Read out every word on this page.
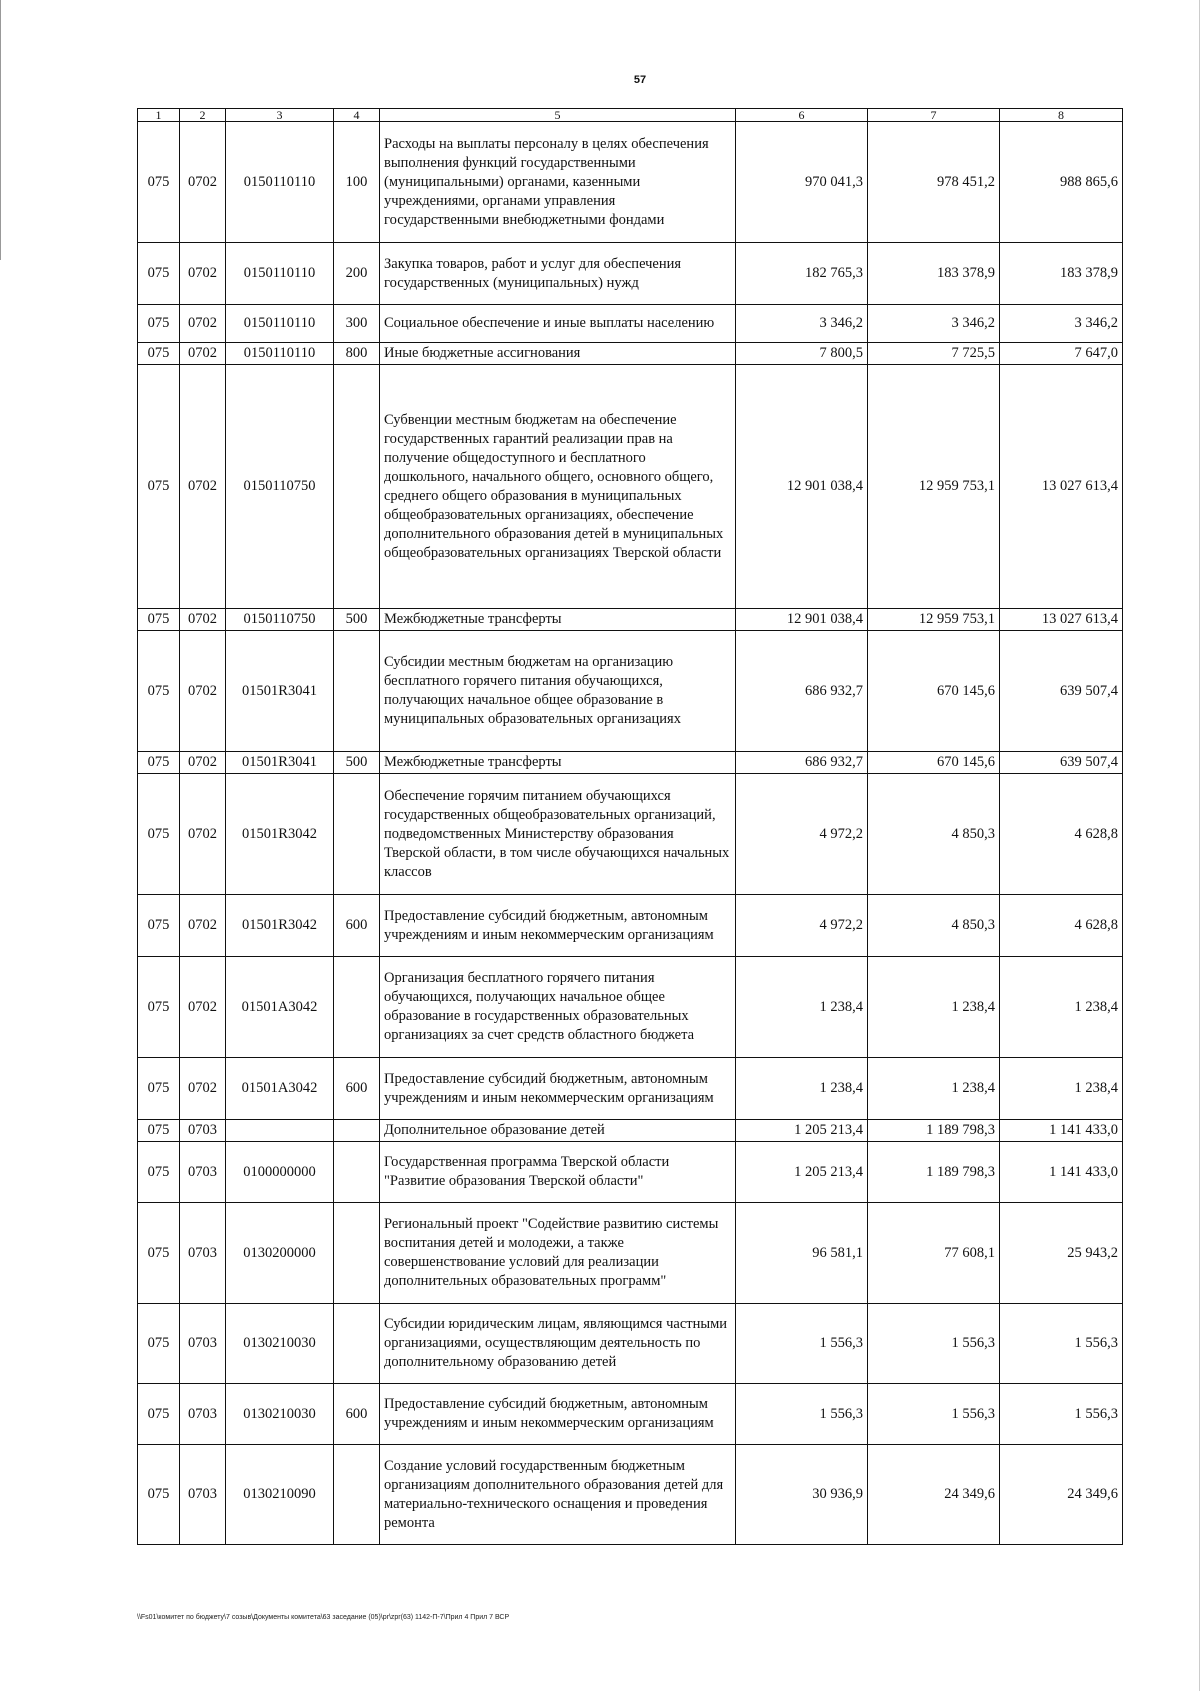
57
1	2	3	4	5	6	7	8
075	0702	0150110110	100	Расходы на выплаты персоналу в целях обеспечения выполнения функций государственными (муниципальными) органами, казенными учреждениями, органами управления государственными внебюджетными фондами	970 041,3	978 451,2	988 865,6
075	0702	0150110110	200	Закупка товаров, работ и услуг для обеспечения государственных (муниципальных) нужд	182 765,3	183 378,9	183 378,9
075	0702	0150110110	300	Социальное обеспечение и иные выплаты населению	3 346,2	3 346,2	3 346,2
075	0702	0150110110	800	Иные бюджетные ассигнования	7 800,5	7 725,5	7 647,0
075	0702	0150110750		Субвенции местным бюджетам на обеспечение государственных гарантий реализации прав на получение общедоступного и бесплатного дошкольного, начального общего, основного общего, среднего общего образования в муниципальных общеобразовательных организациях, обеспечение дополнительного образования детей в муниципальных общеобразовательных организациях Тверской области	12 901 038,4	12 959 753,1	13 027 613,4
075	0702	0150110750	500	Межбюджетные трансферты	12 901 038,4	12 959 753,1	13 027 613,4
075	0702	01501R3041		Субсидии местным бюджетам на организацию бесплатного горячего питания обучающихся, получающих начальное общее образование в муниципальных образовательных организациях	686 932,7	670 145,6	639 507,4
075	0702	01501R3041	500	Межбюджетные трансферты	686 932,7	670 145,6	639 507,4
075	0702	01501R3042		Обеспечение горячим питанием обучающихся государственных общеобразовательных организаций, подведомственных Министерству образования Тверской области, в том числе обучающихся начальных классов	4 972,2	4 850,3	4 628,8
075	0702	01501R3042	600	Предоставление субсидий бюджетным, автономным учреждениям и иным некоммерческим организациям	4 972,2	4 850,3	4 628,8
075	0702	01501A3042		Организация бесплатного горячего питания обучающихся, получающих начальное общее образование в государственных образовательных организациях за счет средств областного бюджета	1 238,4	1 238,4	1 238,4
075	0702	01501A3042	600	Предоставление субсидий бюджетным, автономным учреждениям и иным некоммерческим организациям	1 238,4	1 238,4	1 238,4
075	0703			Дополнительное образование детей	1 205 213,4	1 189 798,3	1 141 433,0
075	0703	0100000000		Государственная программа Тверской области "Развитие образования Тверской области"	1 205 213,4	1 189 798,3	1 141 433,0
075	0703	0130200000		Региональный проект "Содействие развитию системы воспитания детей и молодежи, а также совершенствование условий для реализации дополнительных образовательных программ"	96 581,1	77 608,1	25 943,2
075	0703	0130210030		Субсидии юридическим лицам, являющимся частными организациями, осуществляющим деятельность по дополнительному образованию детей	1 556,3	1 556,3	1 556,3
075	0703	0130210030	600	Предоставление субсидий бюджетным, автономным учреждениям и иным некоммерческим организациям	1 556,3	1 556,3	1 556,3
075	0703	0130210090		Создание условий государственным бюджетным организациям дополнительного образования детей для материально-технического оснащения и проведения ремонта	30 936,9	24 349,6	24 349,6
\\Fs01\комитет по бюджету\7 созыв\Документы комитета\63 заседание (05)\pr\zpr(63) 1142-П-7\Прил 4 Прил 7 ВСР
